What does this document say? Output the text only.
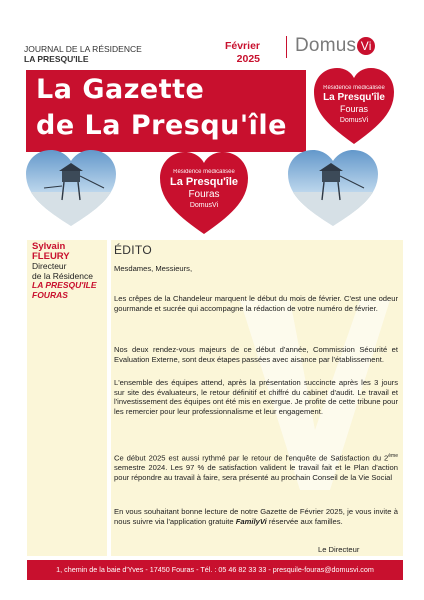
JOURNAL DE LA RÉSIDENCE
LA PRESQU'ILE
Février
2025
Domus Vi
La Gazette
de La Presqu'île
Résidence médicalisée
La Presqu'île
Fouras
DomusVi
Résidence médicalisée
La Presqu'île
Fouras
DomusVi
Sylvain
FLEURY
Directeur
de la Résidence
LA PRESQU'ILE
FOURAS
ÉDITO
Mesdames, Messieurs,
Les crêpes de la Chandeleur marquent le début du mois de février. C'est une odeur gourmande et sucrée qui accompagne la rédaction de votre numéro de février.
Nos deux rendez-vous majeurs de ce début d'année, Commission Sécurité et Evaluation Externe, sont deux étapes passées avec aisance par l'établissement.
L'ensemble des équipes attend, après la présentation succincte après les 3 jours sur site des évaluateurs, le retour définitif et chiffré du cabinet d'audit. Le travail et l'investissement des équipes ont été mis en exergue. Je profite de cette tribune pour les remercier pour leur professionnalisme et leur engagement.
Ce début 2025 est aussi rythmé par le retour de l'enquête de Satisfaction du 2ème semestre 2024. Les 97 % de satisfaction valident le travail fait et le Plan d'action pour répondre au travail à faire, sera présenté au prochain Conseil de la Vie Social
En vous souhaitant bonne lecture de notre Gazette de Février 2025, je vous invite à nous suivre via l'application gratuite FamilyVi réservée aux familles.
Le Directeur
1, chemin de la baie d'Yves - 17450 Fouras - Tél. : 05 46 82 33 33 - presquile-fouras@domusvi.com
